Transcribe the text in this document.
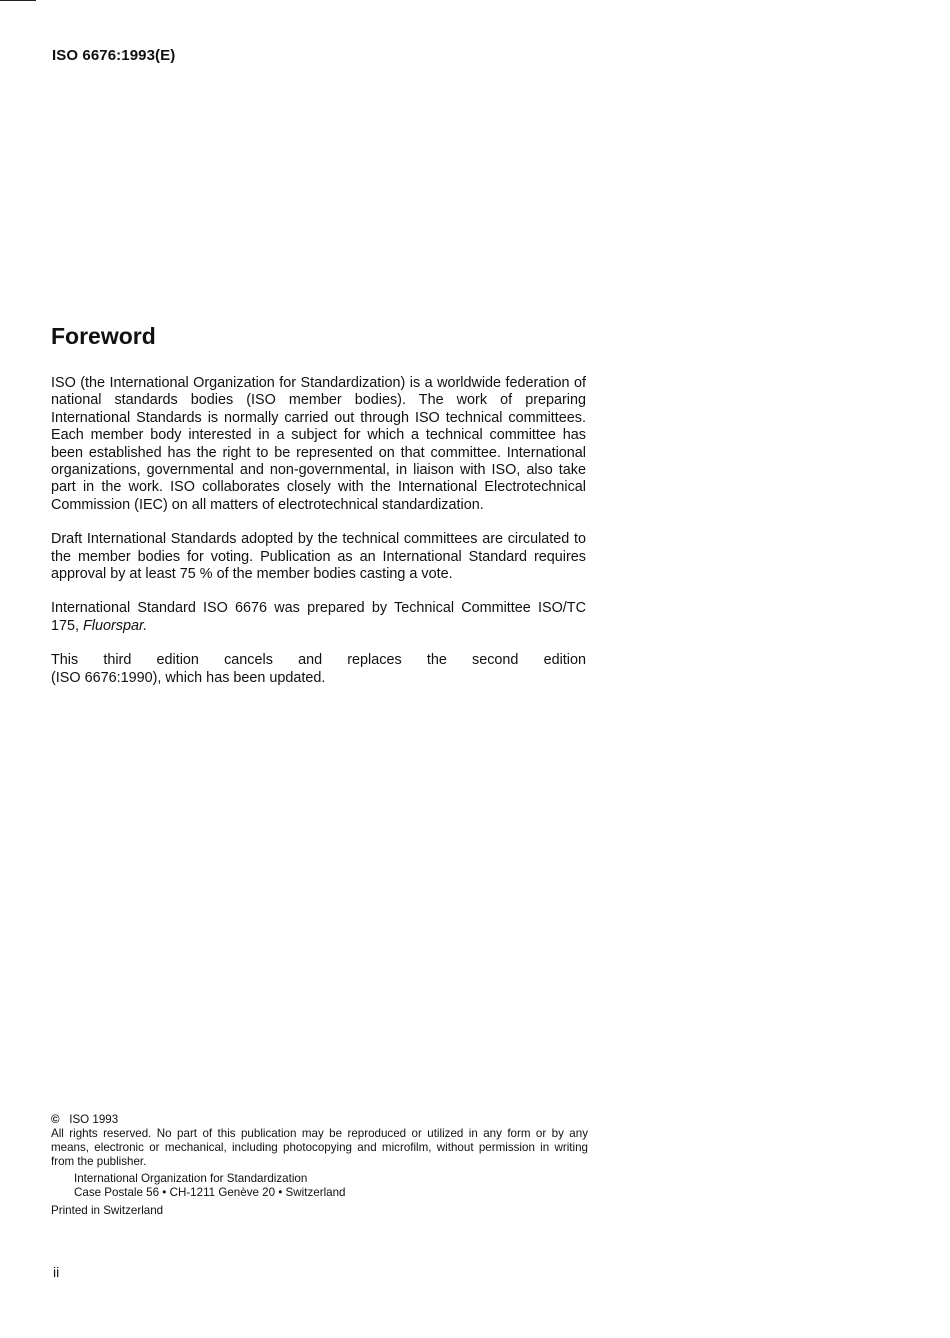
ISO 6676:1993(E)
Foreword

ISO (the International Organization for Standardization) is a worldwide federation of national standards bodies (ISO member bodies). The work of preparing International Standards is normally carried out through ISO technical committees. Each member body interested in a subject for which a technical committee has been established has the right to be represented on that committee. International organizations, governmental and non-governmental, in liaison with ISO, also take part in the work. ISO collaborates closely with the International Electrotechnical Commission (IEC) on all matters of electrotechnical standardization.

Draft International Standards adopted by the technical committees are circulated to the member bodies for voting. Publication as an International Standard requires approval by at least 75 % of the member bodies casting a vote.

International Standard ISO 6676 was prepared by Technical Committee ISO/TC 175, Fluorspar.

This third edition cancels and replaces the second edition
(ISO 6676:1990), which has been updated.

© ISO 1993

All rights reserved. No part of this publication may be reproduced or utilized in any form or by any means, electronic or mechanical, including photocopying and microfilm, without permission in writing from the publisher.

International Organization for Standardization

Case Postale 56 • CH-1211 Genève 20 • Switzerland

Printed in Switzerland

ii
